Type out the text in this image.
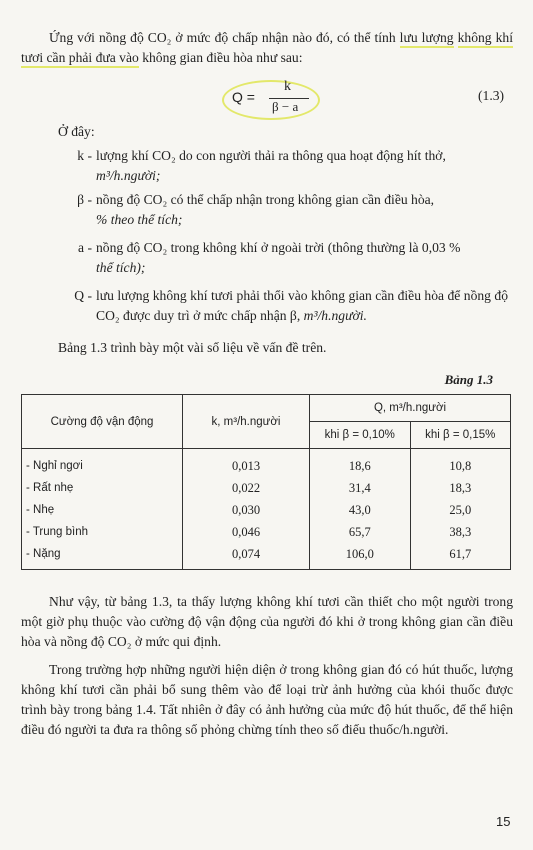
Ứng với nồng độ CO₂ ở mức độ chấp nhận nào đó, có thể tính lưu lượng không khí tươi cần phải đưa vào không gian điều hòa như sau:
Q =
k
β − a
(1.3)
Ở đây:
k - lượng khí CO₂ do con người thải ra thông qua hoạt động hít thở,
m³/h.người;
β - nồng độ CO₂ có thể chấp nhận trong không gian cần điều hòa,
% theo thể tích;
a - nồng độ CO₂ trong không khí ở ngoài trời (thông thường là 0,03 %
thể tích);
Q - lưu lượng không khí tươi phải thổi vào không gian cần điều hòa để nồng độ CO₂ được duy trì ở mức chấp nhận β, m³/h.người.
Bảng 1.3 trình bày một vài số liệu về vấn đề trên.
Bảng 1.3
Cường độ vận động	k, m³/h.người	Q, m³/h.người	
		khi β = 0,10%	khi β = 0,15%
- Nghỉ ngơi	0,013	18,6	10,8
- Rất nhẹ	0,022	31,4	18,3
- Nhẹ	0,030	43,0	25,0
- Trung bình	0,046	65,7	38,3
- Nặng	0,074	106,0	61,7
Như vậy, từ bảng 1.3, ta thấy lượng không khí tươi cần thiết cho một người trong một giờ phụ thuộc vào cường độ vận động của người đó khi ở trong không gian cần điều hòa và nồng độ CO₂ ở mức qui định.
Trong trường hợp những người hiện diện ở trong không gian đó có hút thuốc, lượng không khí tươi cần phải bổ sung thêm vào để loại trừ ảnh hưởng của khói thuốc được trình bày trong bảng 1.4. Tất nhiên ở đây có ảnh hưởng của mức độ hút thuốc, để thể hiện điều đó người ta đưa ra thông số phỏng chừng tính theo số điếu thuốc/h.người.
15
